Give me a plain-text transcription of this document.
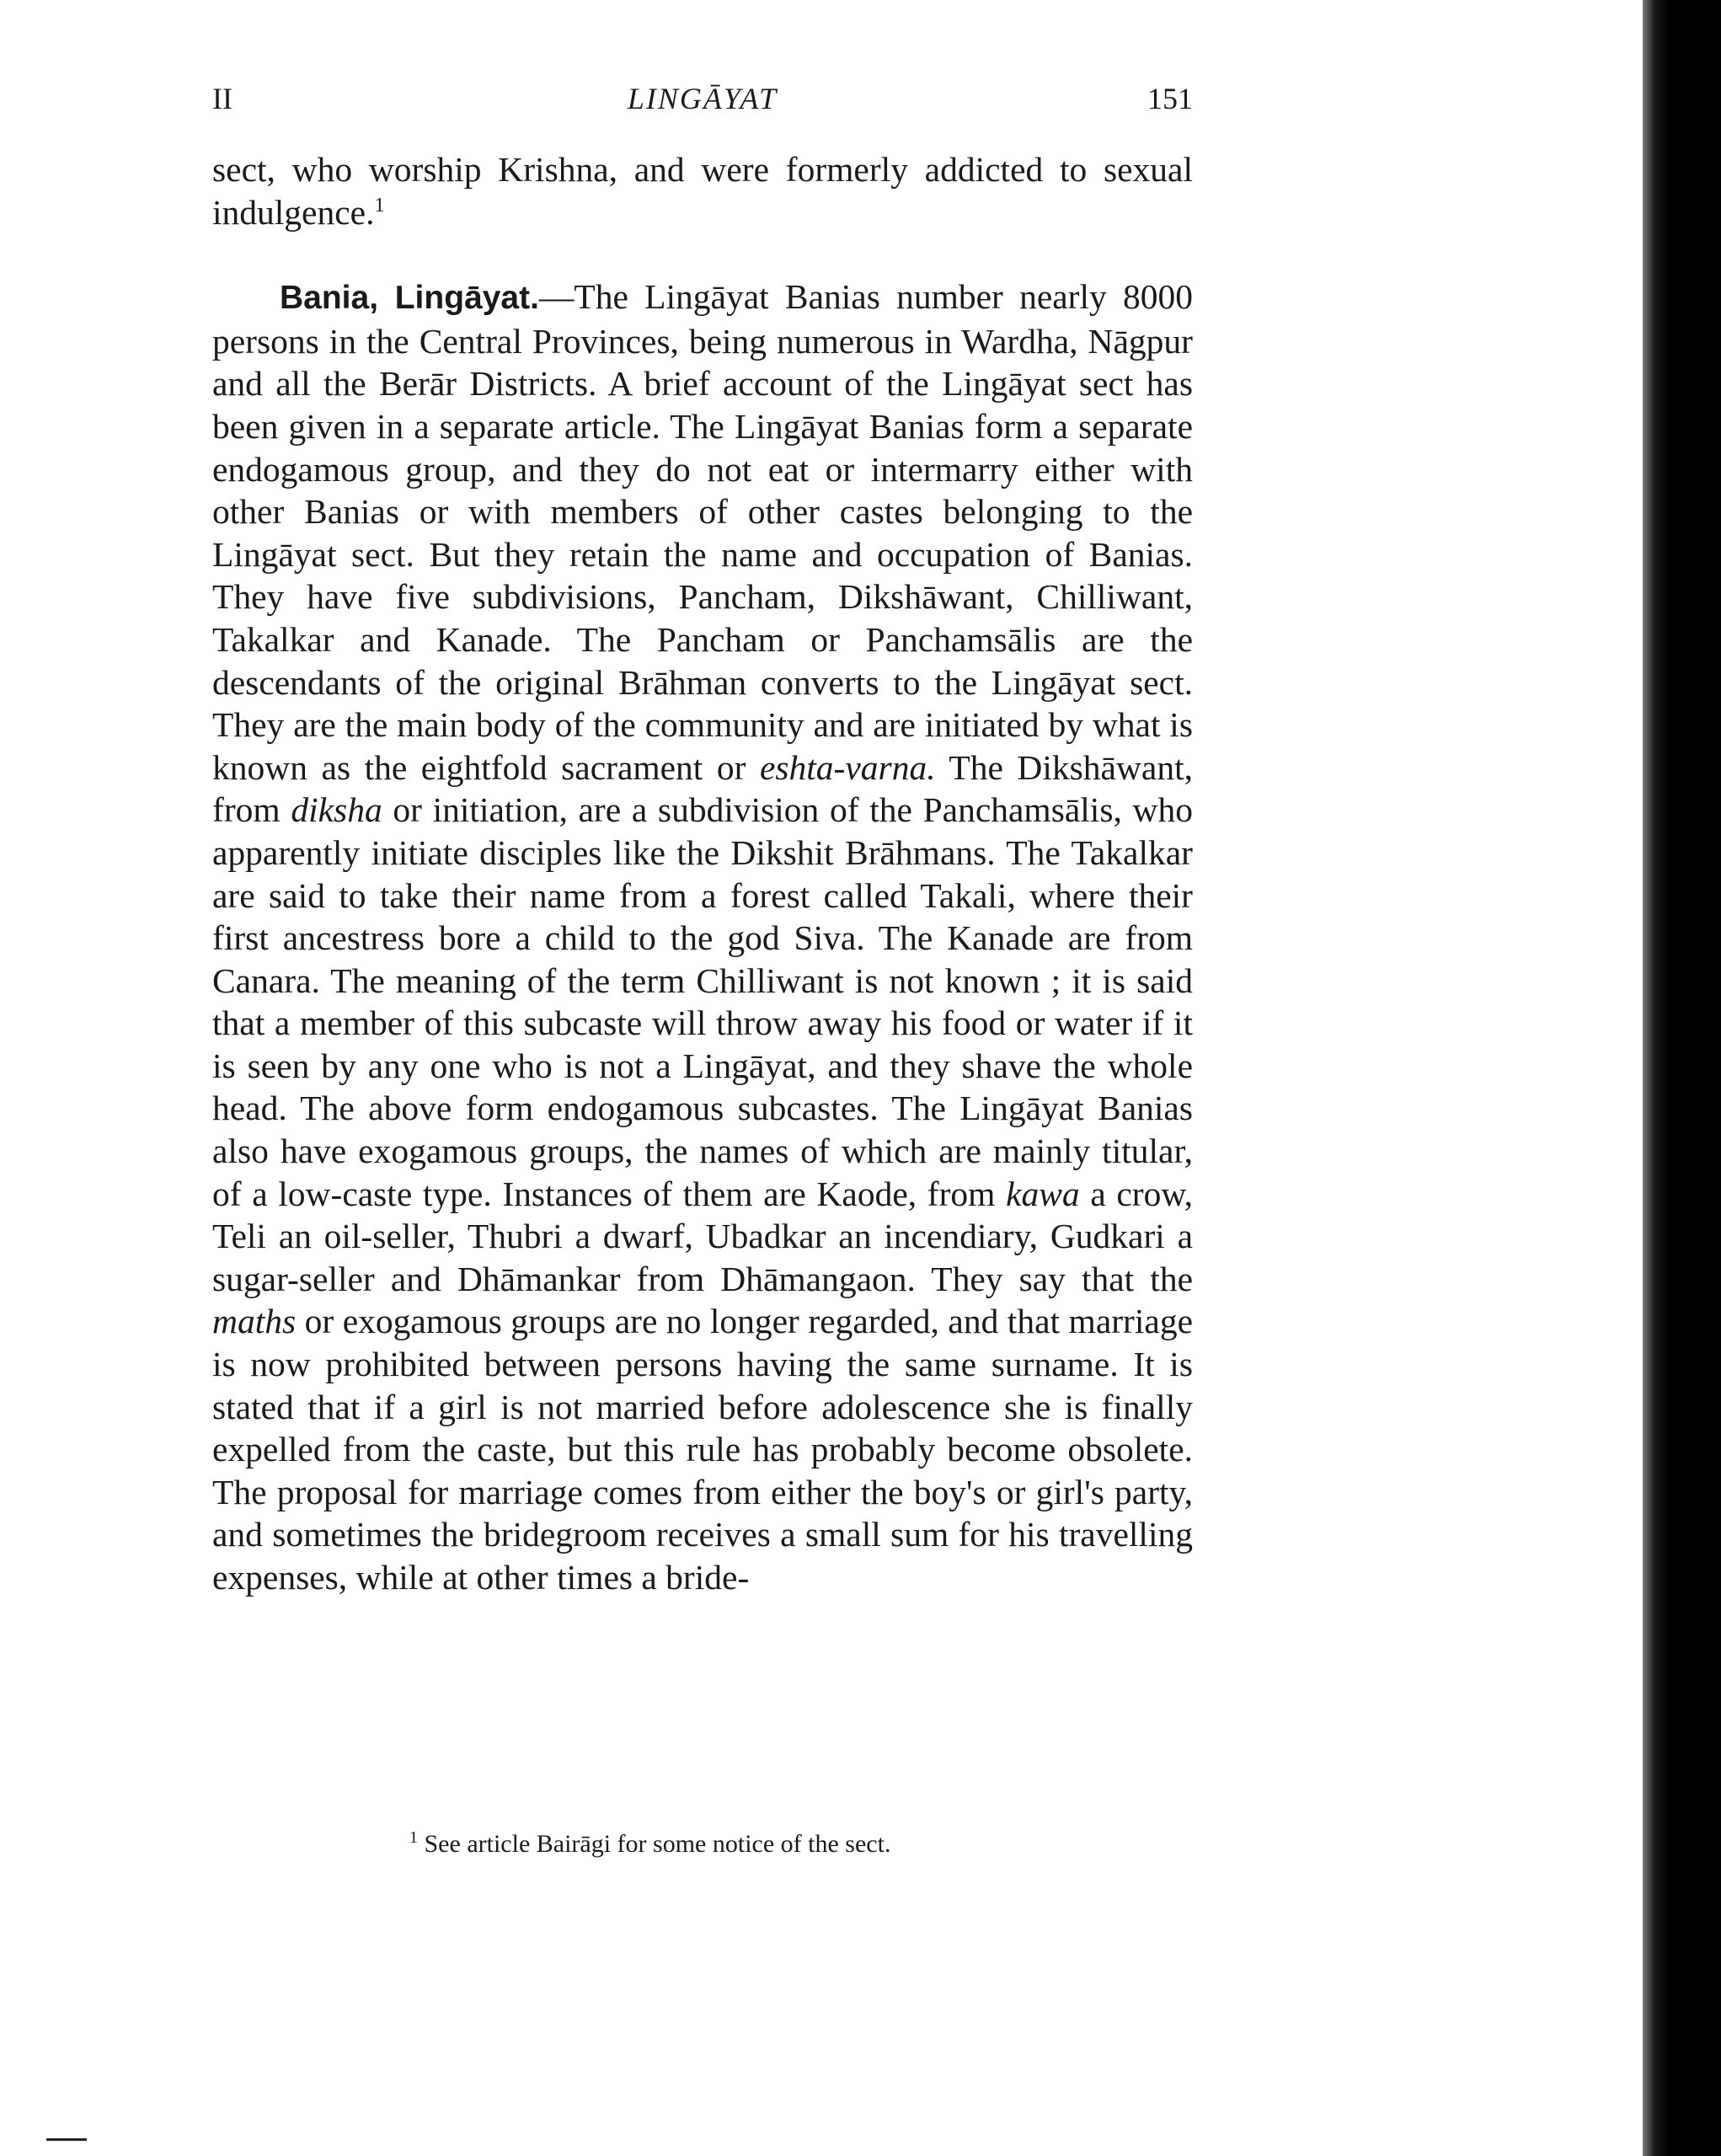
II	LINGĀYAT	151

sect, who worship Krishna, and were formerly addicted to sexual indulgence.$^1$

Bania, Lingāyat.—The Lingāyat Banias number nearly 8000 persons in the Central Provinces, being numerous in Wardha, Nāgpur and all the Berār Districts. A brief account of the Lingāyat sect has been given in a separate article. The Lingāyat Banias form a separate endogamous group, and they do not eat or intermarry either with other Banias or with members of other castes belonging to the Lingāyat sect. But they retain the name and occupation of Banias. They have five subdivisions, Pancham, Dikshāwant, Chilliwant, Takalkar and Kanade. The Pancham or Panchamsālis are the descendants of the original Brāhman converts to the Lingāyat sect. They are the main body of the community and are initiated by what is known as the eightfold sacrament or eshta-varna. The Dikshāwant, from diksha or initiation, are a subdivision of the Panchamsālis, who apparently initiate disciples like the Dikshit Brāhmans. The Takalkar are said to take their name from a forest called Takali, where their first ancestress bore a child to the god Siva. The Kanade are from Canara. The meaning of the term Chilliwant is not known ; it is said that a member of this subcaste will throw away his food or water if it is seen by any one who is not a Lingāyat, and they shave the whole head. The above form endogamous subcastes. The Lingāyat Banias also have exogamous groups, the names of which are mainly titular, of a low-caste type. Instances of them are Kaode, from kawa a crow, Teli an oil-seller, Thubri a dwarf, Ubadkar an incendiary, Gudkari a sugar-seller and Dhāmankar from Dhāmangaon. They say that the maths or exogamous groups are no longer regarded, and that marriage is now prohibited between persons having the same surname. It is stated that if a girl is not married before adolescence she is finally expelled from the caste, but this rule has probably become obsolete. The proposal for marriage comes from either the boy's or girl's party, and sometimes the bridegroom receives a small sum for his travelling expenses, while at other times a bride-

$^1$ See article Bairāgi for some notice of the sect.
